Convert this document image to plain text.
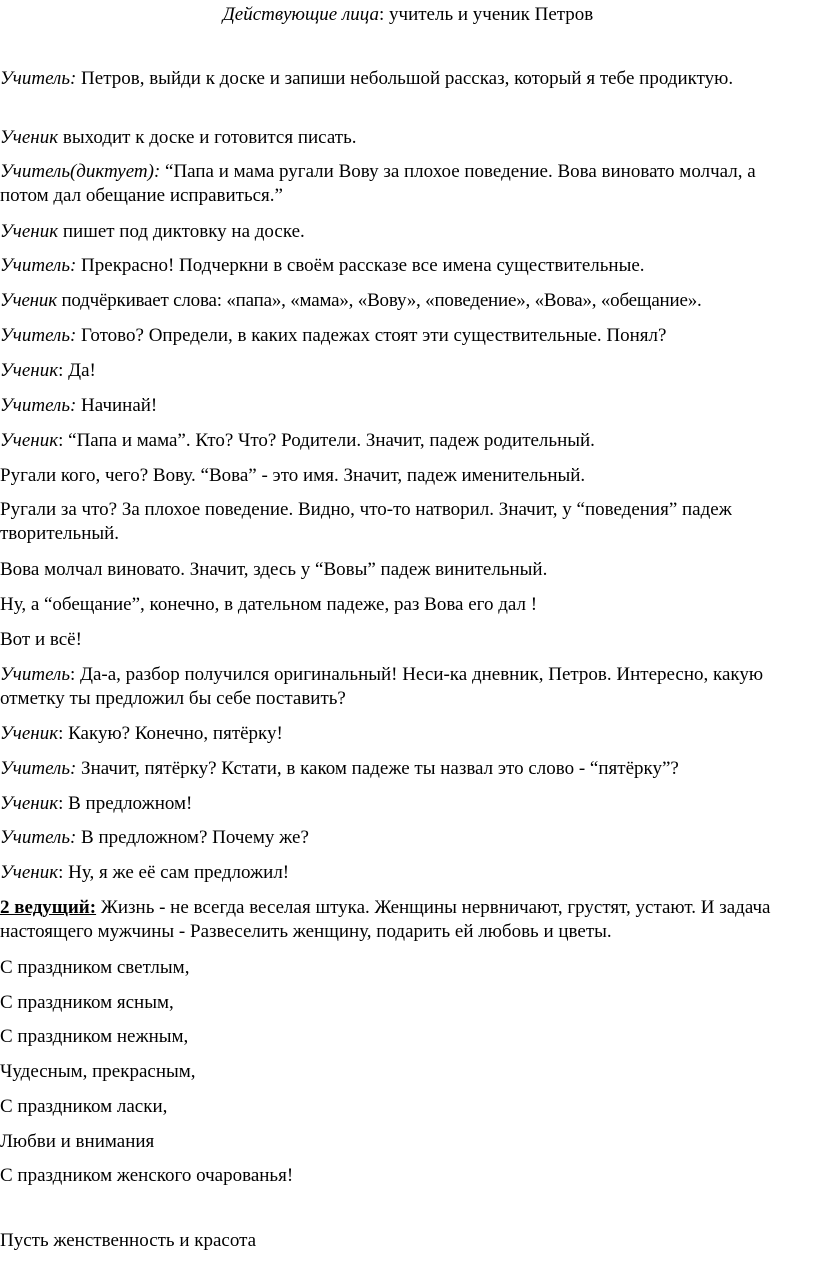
Действующие лица: учитель и ученик Петров
Учитель: Петров, выйди к доске и запиши небольшой рассказ, который я тебе продиктую.
Ученик выходит к доске и готовится писать.
Учитель(диктует): “Папа и мама ругали Вову за плохое поведение. Вова виновато молчал, а потом дал обещание исправиться.”
Ученик пишет под диктовку на доске.
Учитель: Прекрасно! Подчеркни в своём рассказе все имена существительные.
Ученик подчёркивает слова: «папа», «мама», «Вову», «поведение», «Вова», «обещание».
Учитель: Готово? Определи, в каких падежах стоят эти существительные. Понял?
Ученик: Да!
Учитель: Начинай!
Ученик: “Папа и мама”. Кто? Что? Родители. Значит, падеж родительный.
Ругали кого, чего? Вову. “Вова” - это имя. Значит, падеж именительный.
Ругали за что? За плохое поведение. Видно, что-то натворил. Значит, у “поведения” падеж творительный.
Вова молчал виновато. Значит, здесь у “Вовы” падеж винительный.
Ну, а “обещание”, конечно, в дательном падеже, раз Вова его дал !
Вот и всё!
Учитель: Да-а, разбор получился оригинальный! Неси-ка дневник, Петров. Интересно, какую отметку ты предложил бы себе поставить?
Ученик: Какую? Конечно, пятёрку!
Учитель: Значит, пятёрку? Кстати, в каком падеже ты назвал это слово - “пятёрку”?
Ученик: В предложном!
Учитель: В предложном? Почему же?
Ученик: Ну, я же её сам предложил!
2 ведущий: Жизнь - не всегда веселая штука. Женщины нервничают, грустят, устают. И задача настоящего мужчины - Развеселить женщину, подарить ей любовь и цветы.
С праздником светлым,
С праздником ясным,
С праздником нежным,
Чудесным, прекрасным,
С праздником ласки,
Любви и внимания
С праздником женского очарованья!
Пусть женственность и красота
